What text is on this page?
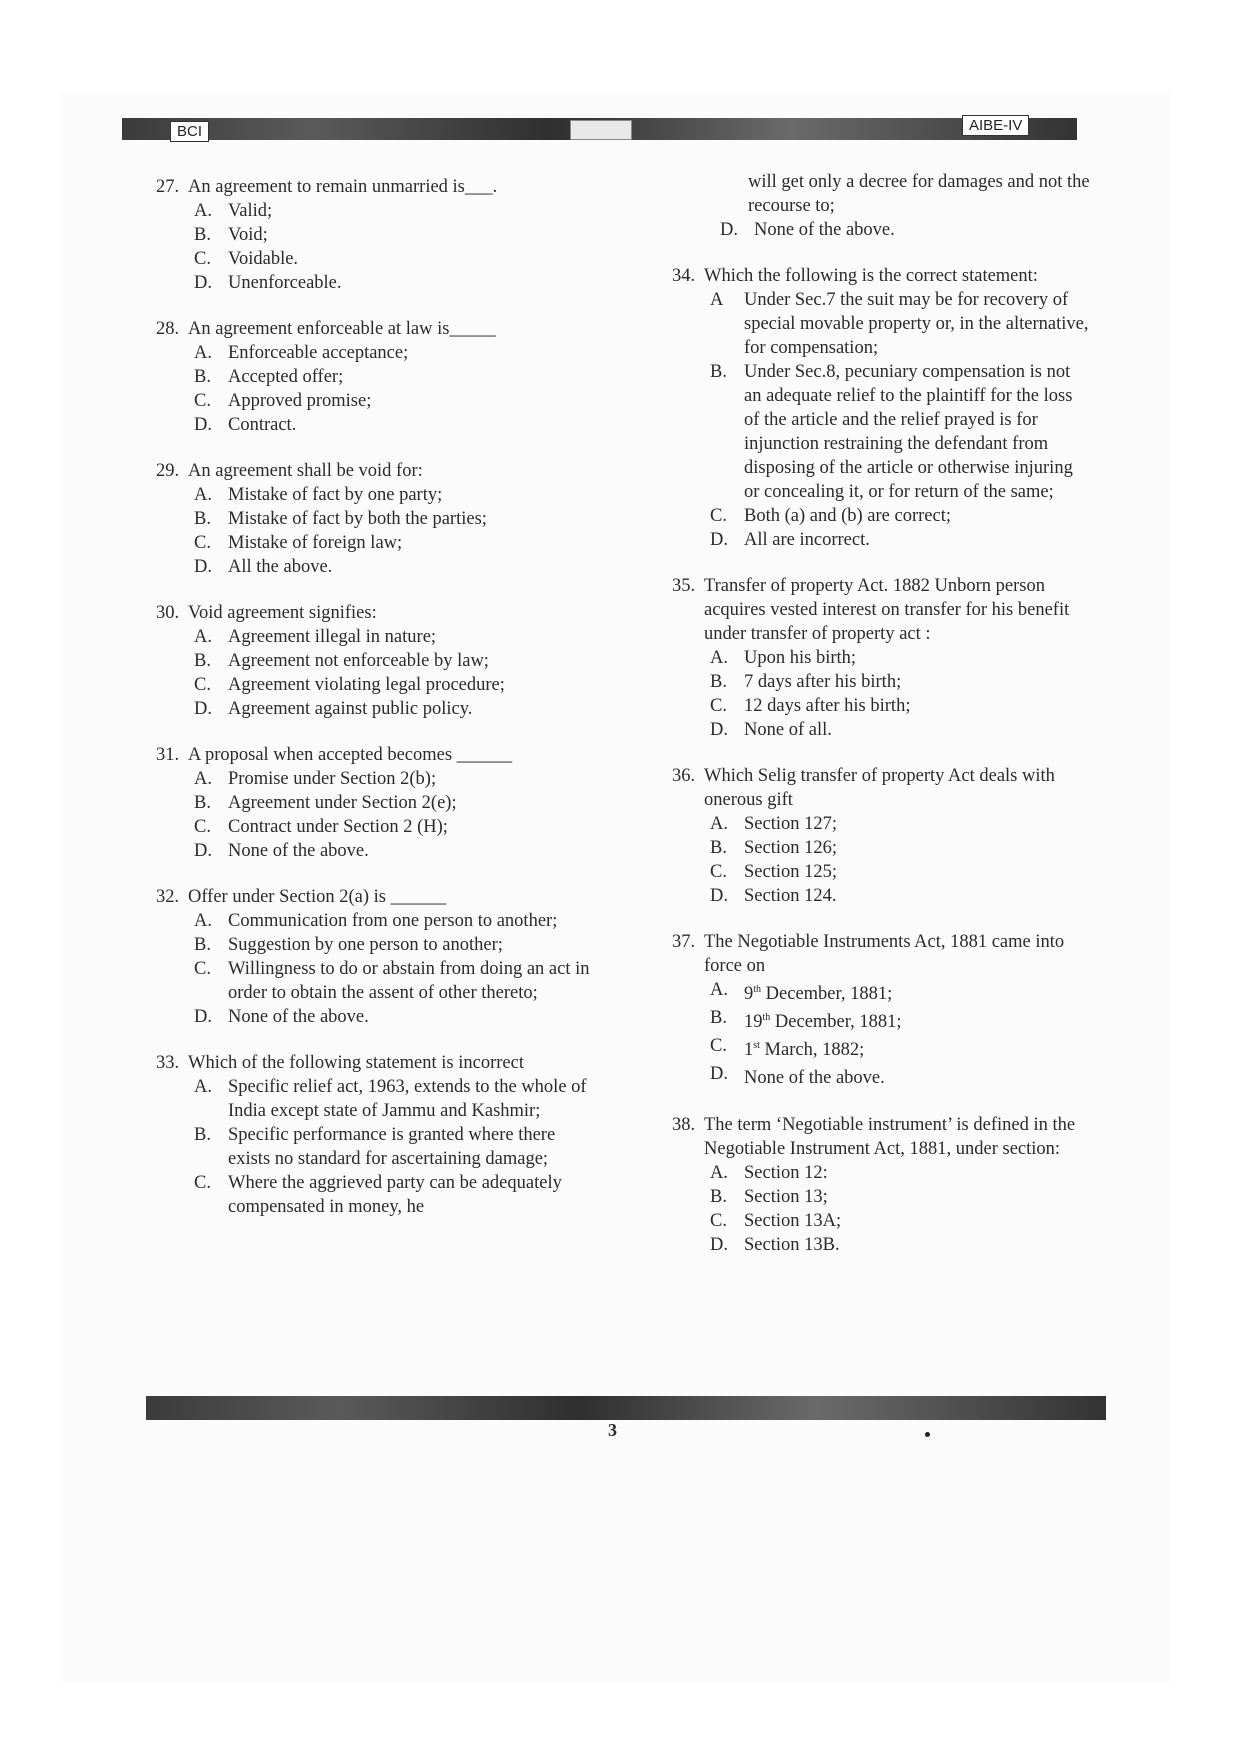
BCI	AIBE-IV
27. An agreement to remain unmarried is___.
A. Valid;
B. Void;
C. Voidable.
D. Unenforceable.
28. An agreement enforceable at law is_____
A. Enforceable acceptance;
B. Accepted offer;
C. Approved promise;
D. Contract.
29. An agreement shall be void for:
A. Mistake of fact by one party;
B. Mistake of fact by both the parties;
C. Mistake of foreign law;
D. All the above.
30. Void agreement signifies:
A. Agreement illegal in nature;
B. Agreement not enforceable by law;
C. Agreement violating legal procedure;
D. Agreement against public policy.
31. A proposal when accepted becomes ______
A. Promise under Section 2(b);
B. Agreement under Section 2(e);
C. Contract under Section 2 (H);
D. None of the above.
32. Offer under Section 2(a) is ______
A. Communication from one person to another;
B. Suggestion by one person to another;
C. Willingness to do or abstain from doing an act in order to obtain the assent of other thereto;
D. None of the above.
33. Which of the following statement is incorrect
A. Specific relief act, 1963, extends to the whole of India except state of Jammu and Kashmir;
B. Specific performance is granted where there exists no standard for ascertaining damage;
C. Where the aggrieved party can be adequately compensated in money, he
will get only a decree for damages and not the recourse to;
D. None of the above.
34. Which the following is the correct statement:
A	Under Sec.7 the suit may be for recovery of special movable property or, in the alternative, for compensation;
B. Under Sec.8, pecuniary compensation is not an adequate relief to the plaintiff for the loss of the article and the relief prayed is for injunction restraining the defendant from disposing of the article or otherwise injuring or concealing it, or for return of the same;
C. Both (a) and (b) are correct;
D. All are incorrect.
35. Transfer of property Act. 1882 Unborn person acquires vested interest on transfer for his benefit under transfer of property act :
A. Upon his birth;
B. 7 days after his birth;
C. 12 days after his birth;
D. None of all.
36. Which Selig transfer of property Act deals with onerous gift
A. Section 127;
B. Section 126;
C. Section 125;
D. Section 124.
37. The Negotiable Instruments Act, 1881 came into force on
A. 9th December, 1881;
B. 19th December, 1881;
C. 1st March, 1882;
D. None of the above.
38. The term ‘Negotiable instrument’ is defined in the Negotiable Instrument Act, 1881, under section:
A. Section 12:
B. Section 13;
C. Section 13A;
D. Section 13B.
3
